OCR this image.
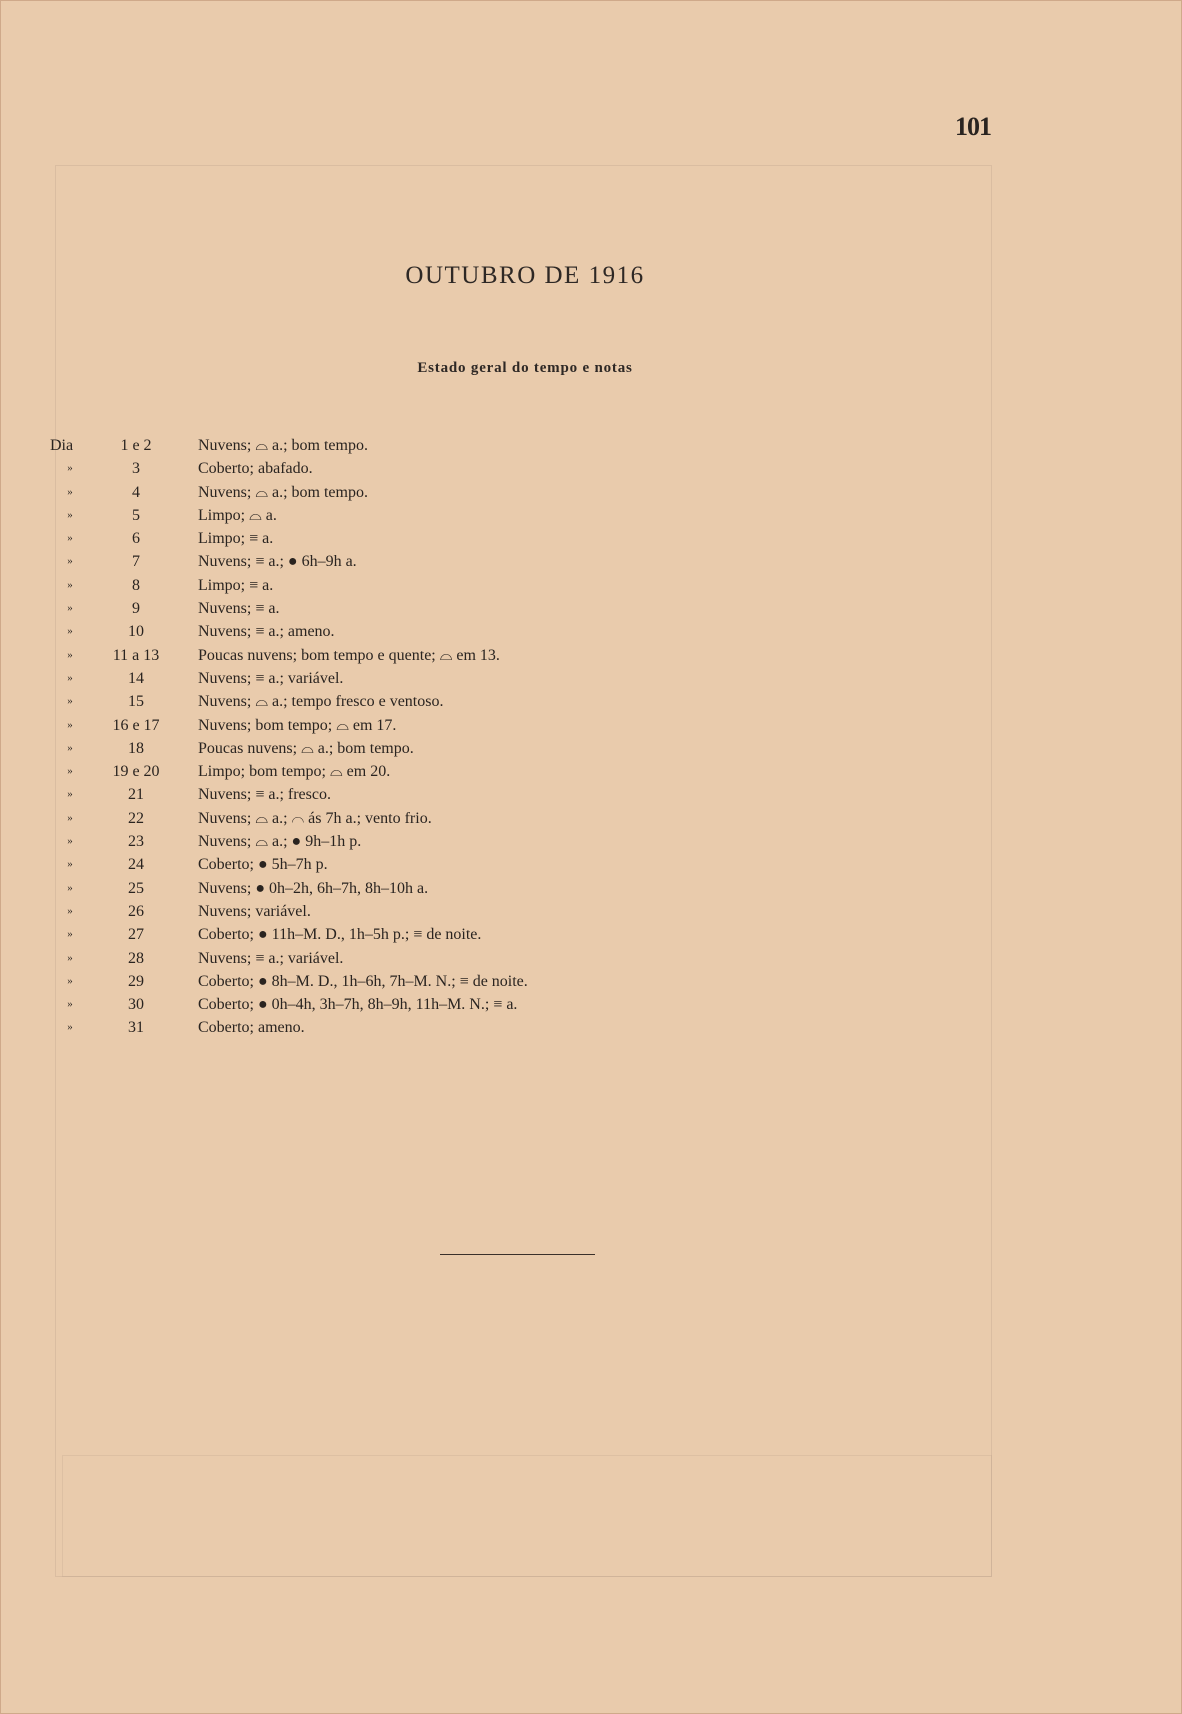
101
OUTUBRO DE 1916
Estado geral do tempo e notas
Dia	1 e 2	Nuvens; ⌓ a.; bom tempo.
»	3	Coberto; abafado.
»	4	Nuvens; ⌓ a.; bom tempo.
»	5	Limpo; ⌓ a.
»	6	Limpo; ≡ a.
»	7	Nuvens; ≡ a.; ● 6h–9h a.
»	8	Limpo; ≡ a.
»	9	Nuvens; ≡ a.
»	10	Nuvens; ≡ a.; ameno.
»	11 a 13	Poucas nuvens; bom tempo e quente; ⌓ em 13.
»	14	Nuvens; ≡ a.; variável.
»	15	Nuvens; ⌓ a.; tempo fresco e ventoso.
»	16 e 17	Nuvens; bom tempo; ⌓ em 17.
»	18	Poucas nuvens; ⌓ a.; bom tempo.
»	19 e 20	Limpo; bom tempo; ⌓ em 20.
»	21	Nuvens; ≡ a.; fresco.
»	22	Nuvens; ⌓ a.; ⌒ ás 7h a.; vento frio.
»	23	Nuvens; ⌓ a.; ● 9h–1h p.
»	24	Coberto; ● 5h–7h p.
»	25	Nuvens; ● 0h–2h, 6h–7h, 8h–10h a.
»	26	Nuvens; variável.
»	27	Coberto; ● 11h–M. D., 1h–5h p.; ≡ de noite.
»	28	Nuvens; ≡ a.; variável.
»	29	Coberto; ● 8h–M. D., 1h–6h, 7h–M. N.; ≡ de noite.
»	30	Coberto; ● 0h–4h, 3h–7h, 8h–9h, 11h–M. N.; ≡ a.
»	31	Coberto; ameno.
